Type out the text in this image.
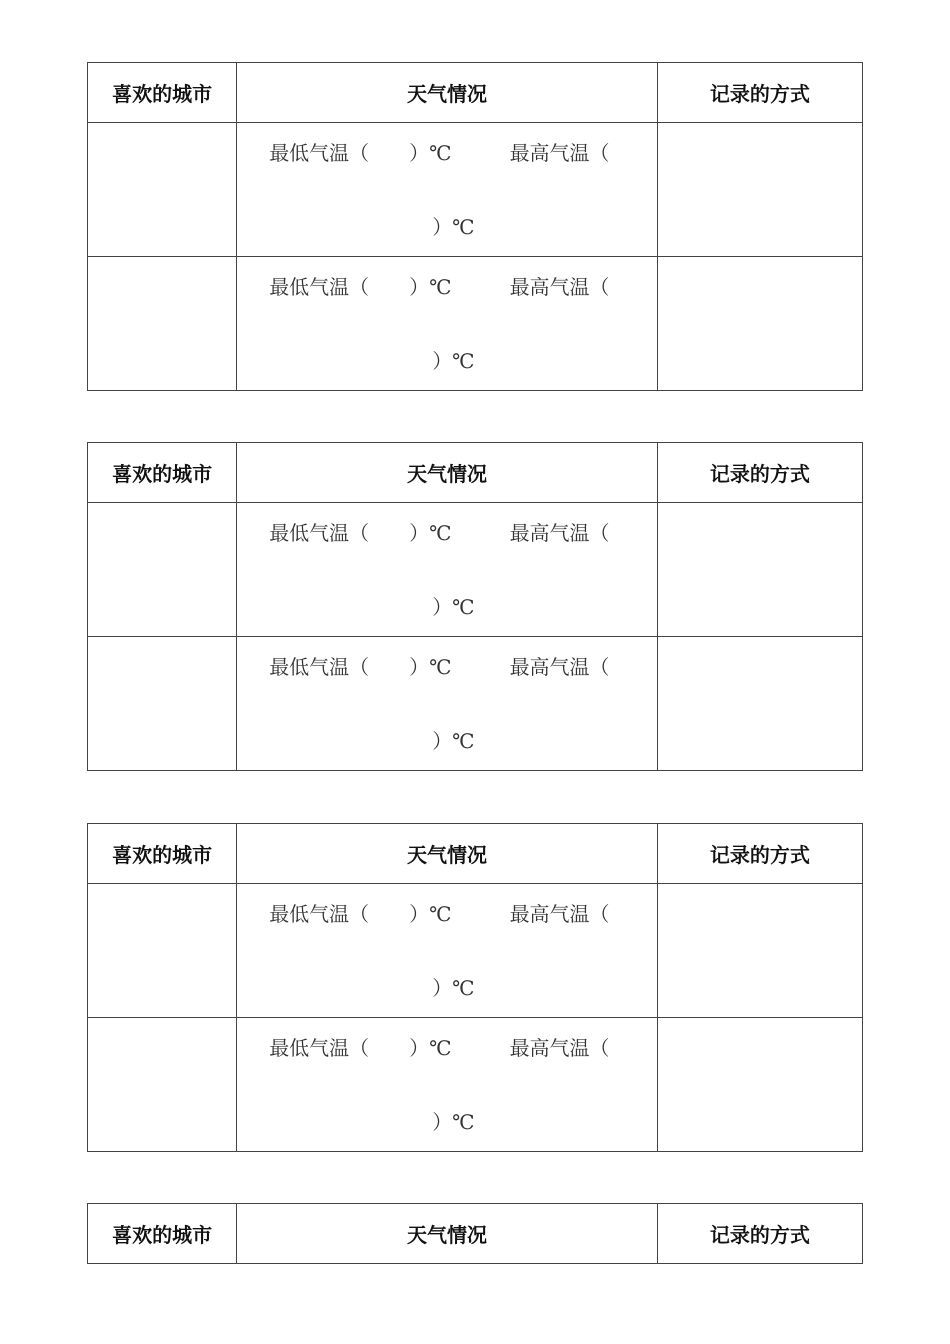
喜欢的城市	天气情况	记录的方式

	最低气温（　　）℃ 最高气温（
）℃	

	最低气温（　　）℃ 最高气温（
）℃	

喜欢的城市	天气情况	记录的方式

	最低气温（　　）℃ 最高气温（
）℃	

	最低气温（　　）℃ 最高气温（
）℃	

喜欢的城市	天气情况	记录的方式

	最低气温（　　）℃ 最高气温（
）℃	

	最低气温（　　）℃ 最高气温（
）℃	

喜欢的城市	天气情况	记录的方式
